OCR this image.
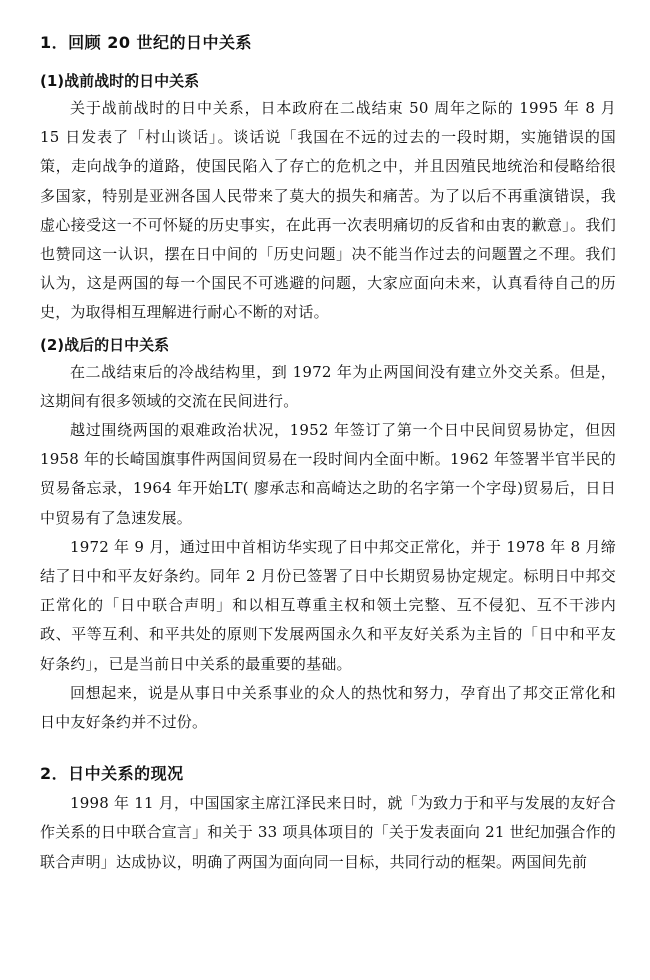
1．回顾 20 世纪的日中关系
(1)战前战时的日中关系

关于战前战时的日中关系，日本政府在二战结束 50 周年之际的 1995 年 8 月 15 日发表了「村山谈话」。谈话说「我国在不远的过去的一段时期，实施错误的国策，走向战争的道路，使国民陷入了存亡的危机之中，并且因殖民地统治和侵略给很多国家，特别是亚洲各国人民带来了莫大的损失和痛苦。为了以后不再重演错误，我虚心接受这一不可怀疑的历史事实，在此再一次表明痛切的反省和由衷的歉意」。我们也赞同这一认识，摆在日中间的「历史问题」决不能当作过去的问题置之不理。我们认为，这是两国的每一个国民不可逃避的问题，大家应面向未来，认真看待自己的历史，为取得相互理解进行耐心不断的对话。

(2)战后的日中关系

在二战结束后的冷战结构里，到 1972 年为止两国间没有建立外交关系。但是，这期间有很多领域的交流在民间进行。

越过围绕两国的艰难政治状况，1952 年签订了第一个日中民间贸易协定，但因 1958 年的长崎国旗事件两国间贸易在一段时间内全面中断。1962 年签署半官半民的贸易备忘录，1964 年开始LT( 廖承志和高崎达之助的名字第一个字母)贸易后，日日中贸易有了急速发展。

1972 年 9 月，通过田中首相访华实现了日中邦交正常化，并于 1978 年 8 月缔结了日中和平友好条约。同年 2 月份已签署了日中长期贸易协定规定。标明日中邦交正常化的「日中联合声明」和以相互尊重主权和领土完整、互不侵犯、互不干涉内政、平等互利、和平共处的原则下发展两国永久和平友好关系为主旨的「日中和平友好条约」，已是当前日中关系的最重要的基础。

回想起来，说是从事日中关系事业的众人的热忱和努力，孕育出了邦交正常化和日中友好条约并不过份。

2．日中关系的现况

1998 年 11 月，中国国家主席江泽民来日时，就「为致力于和平与发展的友好合作关系的日中联合宣言」和关于 33 项具体项目的「关于发表面向 21 世纪加强合作的联合声明」达成协议，明确了两国为面向同一目标，共同行动的框架。两国间先前
